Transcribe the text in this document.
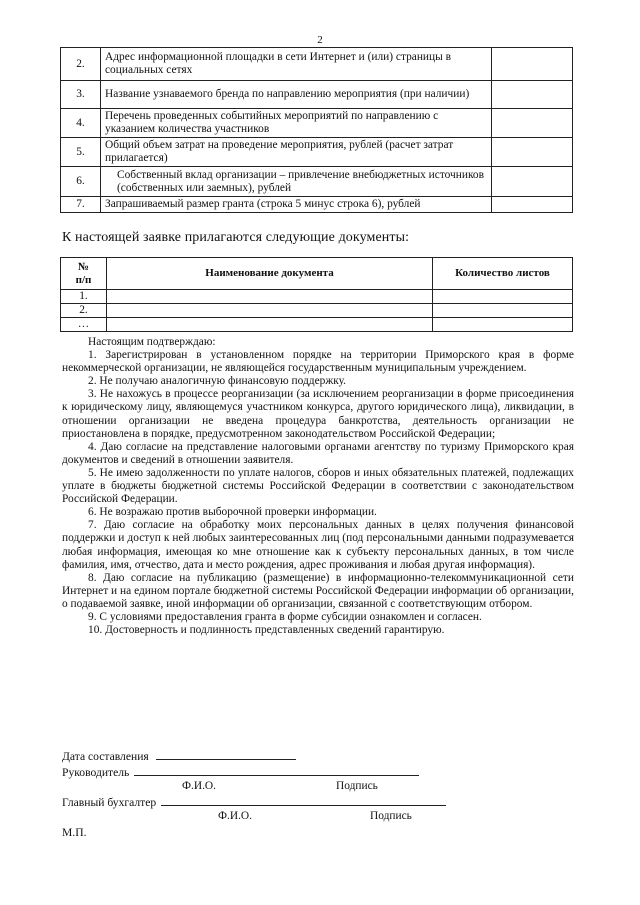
2
2.	Адрес информационной площадки в сети Интернет и (или) страницы в социальных сетях	
3.	Название узнаваемого бренда по направлению мероприятия (при наличии)	
4.	Перечень проведенных событийных мероприятий по направлению с указанием количества участников	
5.	Общий объем затрат на проведение мероприятия, рублей (расчет затрат прилагается)	
6.	Собственный вклад организации – привлечение внебюджетных источников (собственных или заемных), рублей	
7.	Запрашиваемый размер гранта (строка 5 минус строка 6), рублей	
К настоящей заявке прилагаются следующие документы:
№
п/п	Наименование документа	Количество листов
1.		
2.		
…		

Настоящим подтверждаю:

1. Зарегистрирован в установленном порядке на территории Приморского края в форме некоммерческой организации, не являющейся государственным муниципальным учреждением.

2. Не получаю аналогичную финансовую поддержку.

3. Не нахожусь в процессе реорганизации (за исключением реорганизации в форме присоединения к юридическому лицу, являющемуся участником конкурса, другого юридического лица), ликвидации, в отношении организации не введена процедура банкротства, деятельность организации не приостановлена в порядке, предусмотренном законодательством Российской Федерации;

4. Даю согласие на представление налоговыми органами агентству по туризму Приморского края документов и сведений в отношении заявителя.

5. Не имею задолженности по уплате налогов, сборов и иных обязательных платежей, подлежащих уплате в бюджеты бюджетной системы Российской Федерации в соответствии с законодательством Российской Федерации.

6. Не возражаю против выборочной проверки информации.

7. Даю согласие на обработку моих персональных данных в целях получения финансовой поддержки и доступ к ней любых заинтересованных лиц (под персональными данными подразумевается любая информация, имеющая ко мне отношение как к субъекту персональных данных, в том числе фамилия, имя, отчество, дата и место рождения, адрес проживания и любая другая информация).

8. Даю согласие на публикацию (размещение) в информационно-телекоммуникационной сети Интернет и на едином портале бюджетной системы Российской Федерации информации об организации, о подаваемой заявке, иной информации об организации, связанной с соответствующим отбором.

9. С условиями предоставления гранта в форме субсидии ознакомлен и согласен.

10. Достоверность и подлинность представленных сведений гарантирую.

Дата составления
Руководитель
Ф.И.О.	Подпись
Главный бухгалтер
Ф.И.О.	Подпись
М.П.
